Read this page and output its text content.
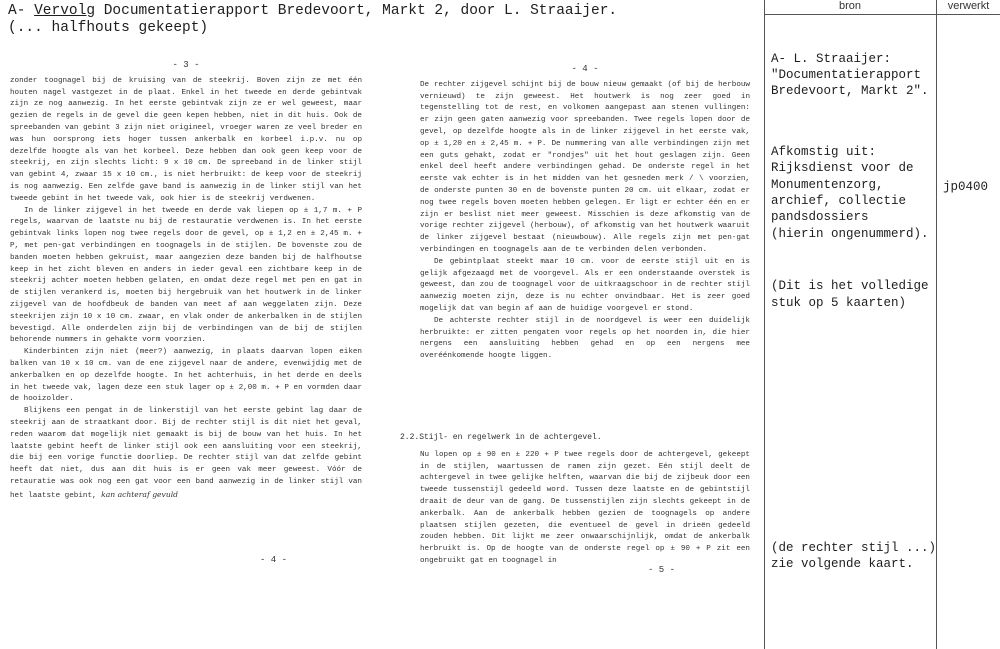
A- Vervolg Documentatierapport Bredevoort, Markt 2, door L. Straaijer.
(... halfhouts gekeept)
- 3 -
zonder toognagel bij de kruising van de steekrij. Boven zijn ze met één houten nagel vastgezet in de plaat. Enkel in het tweede en derde gebintvak zijn ze nog aanwezig. In het eerste gebintvak zijn ze er wel geweest, maar gezien de regels in de gevel die geen kepen hebben, niet in dit huis. Ook de spreebanden van gebint 3 zijn niet origineel, vroeger waren ze veel breder en was hun oorsprong iets hoger tussen ankerbalk en korbeel i.p.v. nu op dezelfde hoogte als van het korbeel. Deze hebben dan ook geen keep voor de steekrij, en zijn slechts licht: 9 x 10 cm. De spreeband in de linker stijl van gebint 4, zwaar 15 x 10 cm., is niet herbruikt: de keep voor de steekrij is nog aanwezig. Een zelfde gave band is aanwezig in de linker stijl van het tweede gebint in het tweede vak, ook hier is de steekrij verdwenen.
In de linker zijgevel in het tweede en derde vak liepen op ± 1,7 m. + P regels, waarvan de laatste nu bij de restauratie verdwenen is. In het eerste gebintvak links lopen nog twee regels door de gevel, op ± 1,2 en ± 2,45 m. + P, met pen-gat verbindingen en toognagels in de stijlen. De bovenste zou de banden moeten hebben gekruist, maar aangezien deze banden bij de halfhoutse keep in het zicht bleven en anders in ieder geval een zichtbare keep in de steekrij achter moeten hebben gelaten, en omdat deze regel met pen en gat in de stijlen verankerd is, moeten bij hergebruik van het houtwerk in de linker zijgevel van de hoofdbeuk de banden van meet af aan weggelaten zijn. Deze steekrijen zijn 10 x 10 cm. zwaar, en vlak onder de ankerbalken in de stijlen bevestigd. Alle onderdelen zijn bij de verbindingen van de bij de stijlen behorende nummers in gehakte vorm voorzien.
Kinderbinten zijn niet (meer?) aanwezig, in plaats daarvan lopen eiken balken van 10 x 10 cm. van de ene zijgevel naar de andere, evenwijdig met de ankerbalken en op dezelfde hoogte. In het achterhuis, in het derde en deels in het tweede vak, lagen deze een stuk lager op ± 2,00 m. + P en vormden daar de hooizolder.
Blijkens een pengat in de linkerstijl van het eerste gebint lag daar de steekrij aan de straatkant door. Bij de rechter stijl is dit niet het geval, reden waarom dat mogelijk niet gemaakt is bij de bouw van het huis. In het laatste gebint heeft de linker stijl ook een aansluiting voor een steekrij, die bij een vorige functie doorliep. De rechter stijl van dat zelfde gebint heeft dat niet, dus aan dit huis is er geen vak meer geweest. Vóór de retauratie was ook nog een gat voor een band aanwezig in de linker stijl van het laatste gebint, kan achteraf gevuld
- 4 -
- 4 -
De rechter zijgevel schijnt bij de bouw nieuw gemaakt (of bij de herbouw vernieuwd) te zijn geweest. Het houtwerk is nog zeer goed in tegenstelling tot de rest, en volkomen aangepast aan stenen vullingen: er zijn geen gaten aanwezig voor spreebanden. Twee regels lopen door de gevel, op dezelfde hoogte als in de linker zijgevel in het eerste vak, op ± 1,20 en ± 2,45 m. + P. De nummering van alle verbindingen zijn met een guts gehakt, zodat er "rondjes" uit het hout geslagen zijn. Geen enkel deel heeft andere verbindingen gehad. De onderste regel in het eerste vak echter is in het midden van het gesneden merk / \ voorzien, de onderste punten 30 en de bovenste punten 20 cm. uit elkaar, zodat er nog twee regels boven moeten hebben gelegen. Er ligt er echter één en er zijn er beslist niet meer geweest. Misschien is deze afkomstig van de vorige rechter zijgevel (herbouw), of afkomstig van het houtwerk waaruit de linker zijgevel bestaat (nieuwbouw). Alle regels zijn met pen-gat verbindingen en toognagels aan de te verbinden delen verbonden.
De gebintplaat steekt maar 10 cm. voor de eerste stijl uit en is gelijk afgezaagd met de voorgevel. Als er een onderstaande overstek is geweest, dan zou de toognagel voor de uitkraagschoor in de rechter stijl aanwezig moeten zijn, deze is nu echter onvindbaar. Het is zeer goed mogelijk dat van begin af aan de huidige voorgevel er stond.
De achterste rechter stijl in de noordgevel is weer een duidelijk herbruikte: er zitten pengaten voor regels op het noorden in, die hier nergens een aansluiting hebben gehad en op een nergens mee overéénkomende hoogte liggen.
2.2.Stijl- en regelwerk in de achtergevel.
Nu lopen op ± 90 en ± 220 + P twee regels door de achtergevel, gekeept in de stijlen, waartussen de ramen zijn gezet. Eén stijl deelt de achtergevel in twee gelijke helften, waarvan die bij de zijbeuk door een tweede tussenstijl gedeeld word. Tussen deze laatste en de gebintstijl draait de deur van de gang. De tussenstijlen zijn slechts gekeept in de ankerbalk. Aan de ankerbalk hebben gezien de toognagels op andere plaatsen stijlen gezeten, die eventueel de gevel in drieën gedeeld zouden hebben. Dit lijkt me zeer onwaarschijnlijk, omdat de ankerbalk herbruikt is. Op de hoogte van de onderste regel op ± 90 + P zit een ongebruikt gat en toognagel in
- 5 -
bron	verwerkt

A- L. Straaijer:
"Documentatierapport
Bredevoort, Markt 2".

Afkomstig uit:
Rijksdienst voor de
Monumentenzorg,
archief, collectie
pandsdossiers
(hierin ongenummerd).

(Dit is het volledige
stuk op 5 kaarten)

jp0400
(de rechter stijl ...)
zie volgende kaart.
